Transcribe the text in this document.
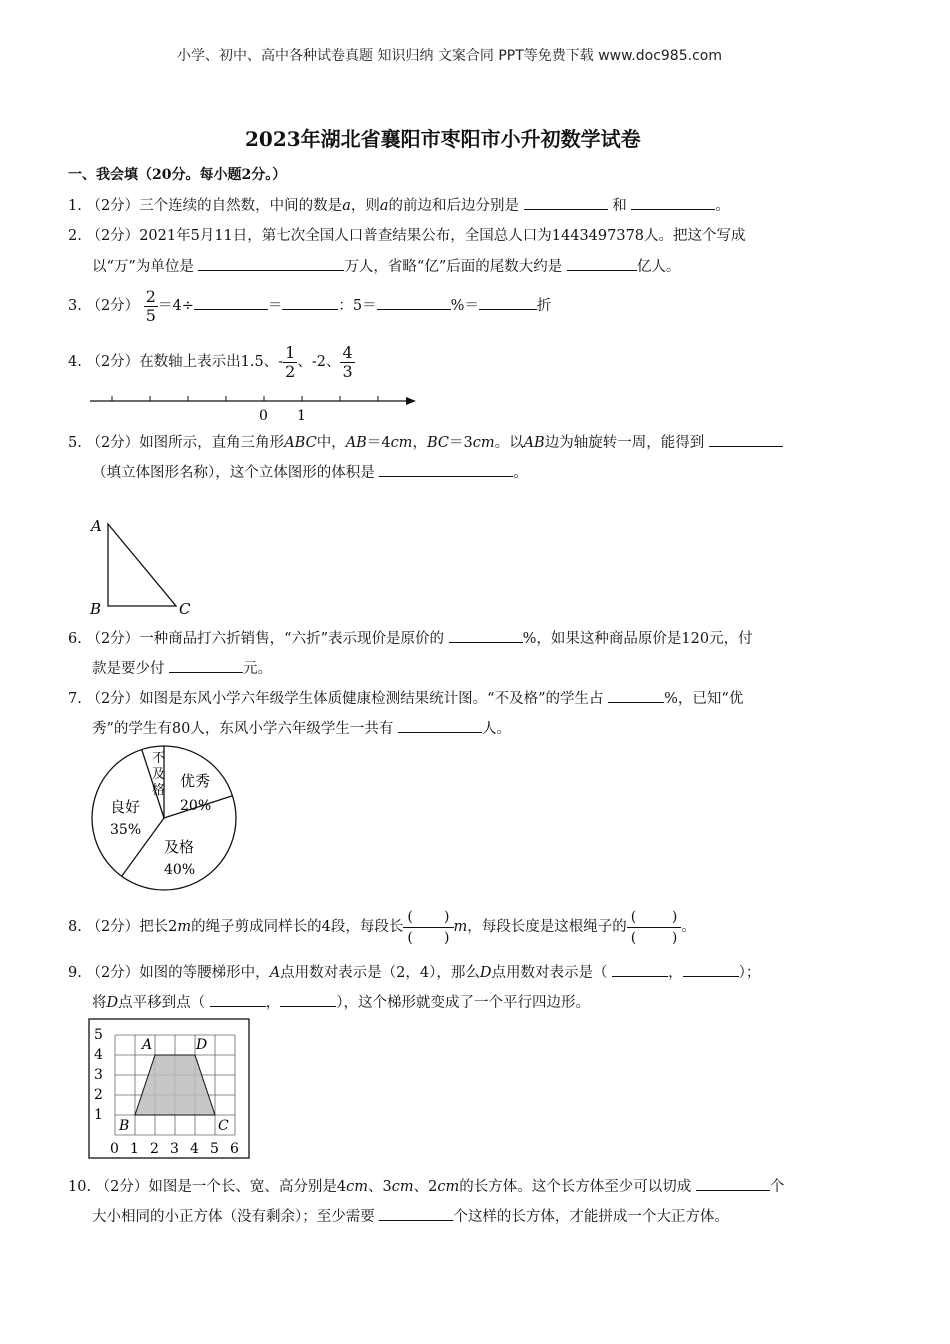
小学、初中、高中各种试卷真题 知识归纳 文案合同 PPT等免费下载 www.doc985.com
2023年湖北省襄阳市枣阳市小升初数学试卷
一、我会填（20分。每小题2分。）
1. （2分）三个连续的自然数，中间的数是a，则a的前边和后边分别是	和	。
2. （2分）2021年5月11日，第七次全国人口普查结果公布，全国总人口为1443497378人。把这个写成
以“万”为单位是	万人，省略“亿”后面的尾数大约是	亿人。
3. （2分） $\frac{2}{5} =4\div$	＝	：5＝	%＝	折
4. （2分）在数轴上表示出1.5、- $\frac{1}{2}$ 、-2、 $\frac{4}{3}$
0 1
5. （2分）如图所示，直角三角形ABC中，AB＝4cm，BC＝3cm。以AB边为轴旋转一周，能得到
（填立体图形名称），这个立体图形的体积是	。
A
B	C
6. （2分）一种商品打六折销售，“六折”表示现价是原价的	%，如果这种商品原价是120元，付
款是要少付	元。
7. （2分）如图是东风小学六年级学生体质健康检测结果统计图。“不及格”的学生占	%，已知“优
秀”的学生有80人，东风小学六年级学生一共有	人。
优秀
20%
及格
40%
良好
35%
不
及
格
8. （2分）把长2m的绳子剪成同样长的4段，每段长 $\frac{( )}{( )}$ m，每段长度是这根绳子的 (	)
(	) 。
9. （2分）如图的等腰梯形中，A点用数对表示是（2，4），那么D点用数对表示是（	，	）；
将D点平移到点（	，	），这个梯形就变成了一个平行四边形。
5
4
3
2
1
0 1 2 3 4 5 6
A	D
B	C
10. （2分）如图是一个长、宽、高分别是4cm、3cm、2cm的长方体。这个长方体至少可以切成	个
大小相同的小正方体（没有剩余）；至少需要	个这样的长方体，才能拼成一个大正方体。
